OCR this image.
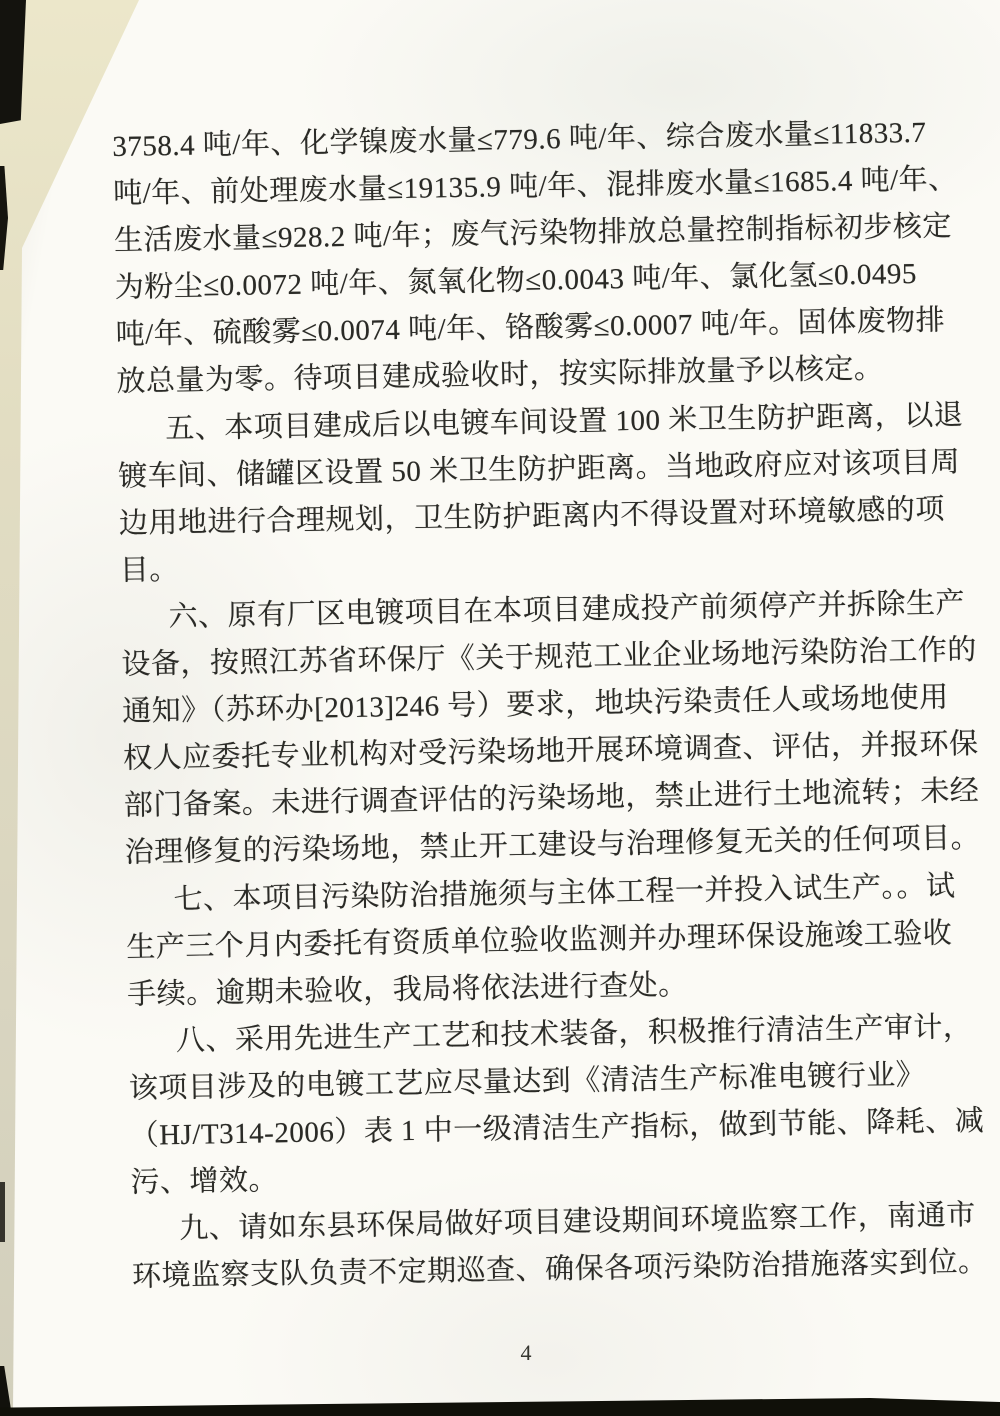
3758.4 吨/年、化学镍废水量≤779.6 吨/年、综合废水量≤11833.7
吨/年、前处理废水量≤19135.9 吨/年、混排废水量≤1685.4 吨/年、
生活废水量≤928.2 吨/年；废气污染物排放总量控制指标初步核定
为粉尘≤0.0072 吨/年、氮氧化物≤0.0043 吨/年、氯化氢≤0.0495
吨/年、硫酸雾≤0.0074 吨/年、铬酸雾≤0.0007 吨/年。固体废物排
放总量为零。待项目建成验收时，按实际排放量予以核定。
五、本项目建成后以电镀车间设置 100 米卫生防护距离，以退
镀车间、储罐区设置 50 米卫生防护距离。当地政府应对该项目周
边用地进行合理规划，卫生防护距离内不得设置对环境敏感的项
目。
六、原有厂区电镀项目在本项目建成投产前须停产并拆除生产
设备，按照江苏省环保厅《关于规范工业企业场地污染防治工作的
通知》（苏环办[2013]246 号）要求，地块污染责任人或场地使用
权人应委托专业机构对受污染场地开展环境调查、评估，并报环保
部门备案。未进行调查评估的污染场地，禁止进行土地流转；未经
治理修复的污染场地，禁止开工建设与治理修复无关的任何项目。
七、本项目污染防治措施须与主体工程一并投入试生产。。试
生产三个月内委托有资质单位验收监测并办理环保设施竣工验收
手续。逾期未验收，我局将依法进行查处。
八、采用先进生产工艺和技术装备，积极推行清洁生产审计，
该项目涉及的电镀工艺应尽量达到《清洁生产标准电镀行业》
（HJ/T314-2006）表 1 中一级清洁生产指标，做到节能、降耗、减
污、增效。
九、请如东县环保局做好项目建设期间环境监察工作，南通市
环境监察支队负责不定期巡查、确保各项污染防治措施落实到位。
4
